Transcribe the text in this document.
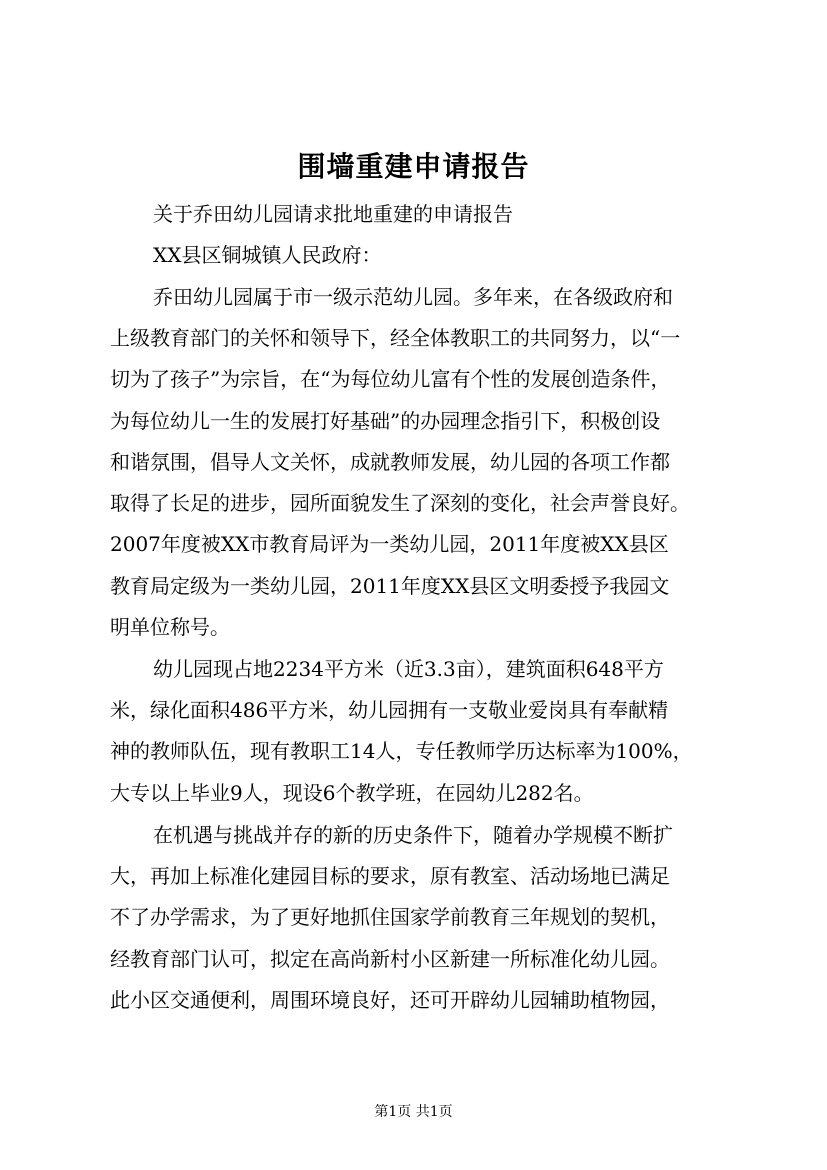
围墙重建申请报告
关于乔田幼儿园请求批地重建的申请报告
XX县区铜城镇人民政府：
乔田幼儿园属于市一级示范幼儿园。多年来，在各级政府和
上级教育部门的关怀和领导下，经全体教职工的共同努力，以“一
切为了孩子”为宗旨，在“为每位幼儿富有个性的发展创造条件，
为每位幼儿一生的发展打好基础”的办园理念指引下，积极创设
和谐氛围，倡导人文关怀，成就教师发展，幼儿园的各项工作都
取得了长足的进步，园所面貌发生了深刻的变化，社会声誉良好。
2007年度被XX市教育局评为一类幼儿园，2011年度被XX县区
教育局定级为一类幼儿园，2011年度XX县区文明委授予我园文
明单位称号。
幼儿园现占地2234平方米（近3.3亩），建筑面积648平方
米，绿化面积486平方米，幼儿园拥有一支敬业爱岗具有奉献精
神的教师队伍，现有教职工14人，专任教师学历达标率为100%，
大专以上毕业9人，现设6个教学班，在园幼儿282名。
在机遇与挑战并存的新的历史条件下，随着办学规模不断扩
大，再加上标准化建园目标的要求，原有教室、活动场地已满足
不了办学需求，为了更好地抓住国家学前教育三年规划的契机，
经教育部门认可，拟定在高尚新村小区新建一所标准化幼儿园。
此小区交通便利，周围环境良好，还可开辟幼儿园辅助植物园，
第1页 共1页
